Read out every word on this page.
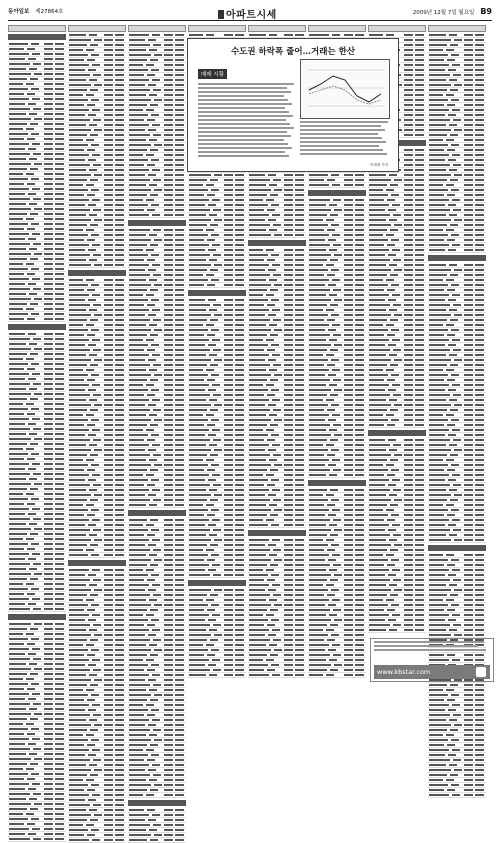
동아일보 제27864호	아파트시세	2009년 12월 7일 월요일 B9
수도권 하락폭 줄어…거래는 한산
매매 시황
이세영 기자
www.kbstar.com
